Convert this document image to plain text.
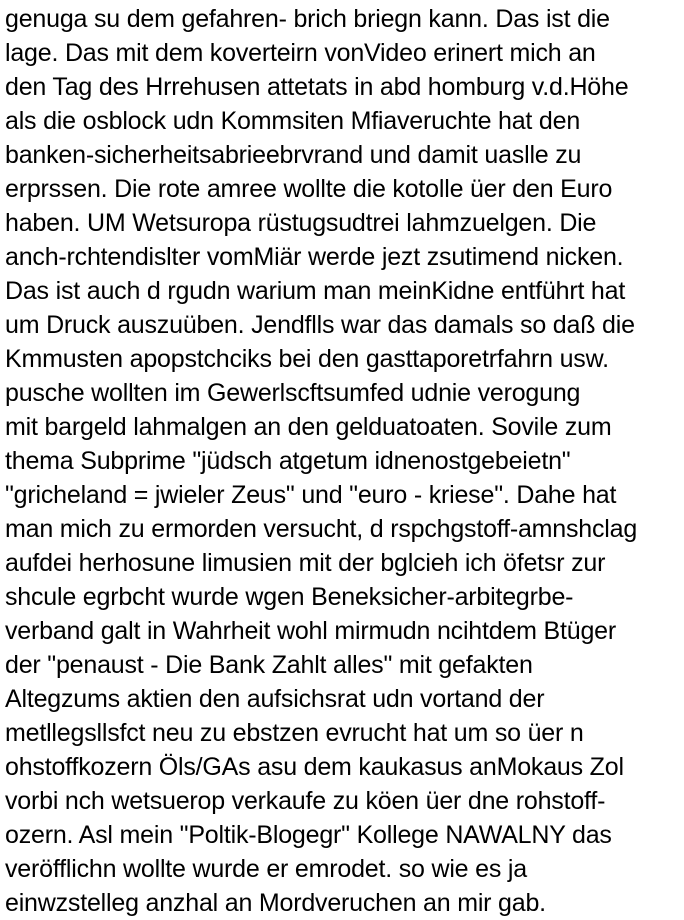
genuga su dem gefahren- brich briegn kann. Das ist die

lage. Das mit dem koverteirn vonVideo erinert mich an

den Tag des Hrrehusen attetats in abd homburg v.d.Höhe

als die osblock udn Kommsiten Mfiaveruchte hat den

banken-sicherheitsabrieebrvrand und damit uaslle zu

erprssen. Die rote amree wollte die kotolle üer den Euro

haben. UM Wetsuropa rüstugsudtrei lahmzuelgen. Die

anch-rchtendislter vomMiär werde jezt zsutimend nicken.

Das ist auch d rgudn warium man meinKidne entführt hat

um Druck auszuüben. Jendflls war das damals so daß die

Kmmusten apopstchciks bei den gasttaporetrfahrn usw.

pusche wollten im Gewerlscftsumfed udnie verogung

mit bargeld lahmalgen an den gelduatoaten. Sovile zum

thema Subprime "jüdsch atgetum idnenostgebeietn"

"gricheland = jwieler Zeus" und "euro - kriese". Dahe hat

man mich zu ermorden versucht, d rspchgstoff-amnshclag

aufdei herhosune limusien mit der bglcieh ich öfetsr zur

shcule egrbcht wurde wgen Beneksicher-arbitegrbe-

verband galt in Wahrheit wohl mirmudn ncihtdem Btüger

der "penaust - Die Bank Zahlt alles" mit gefakten

Altegzums aktien den aufsichsrat udn vortand der

metllegsllsfct neu zu ebstzen evrucht hat um so üer n

ohstoffkozern Öls/GAs asu dem kaukasus anMokaus Zol

vorbi nch wetsuerop verkaufe zu köen üer dne rohstoff-

ozern. Asl mein "Poltik-Blogegr" Kollege NAWALNY das

veröfflichn wollte wurde er emrodet. so wie es ja

einwzstelleg anzhal an Mordveruchen an mir gab.
